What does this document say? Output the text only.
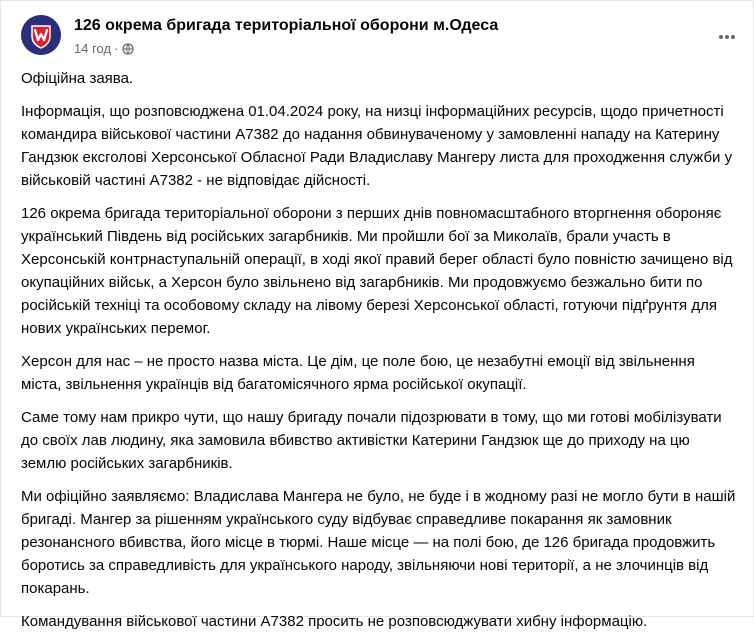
126 окрема бригада територіальної оборони м.Одеса
14 год ·

Офіційна заява.

Інформація, що розповсюджена 01.04.2024 року, на низці інформаційних ресурсів, щодо причетності командира військової частини А7382 до надання обвинуваченому у замовленні нападу на Катерину Гандзюк ексголові Херсонської Обласної Ради Владиславу Мангеру листа для проходження служби у військовій частині А7382 - не відповідає дійсності.

126 окрема бригада територіальної оборони з перших днів повномасштабного вторгнення обороняє український Південь від російських загарбників. Ми пройшли бої за Миколаїв, брали участь в Херсонській контрнаступальній операції, в ході якої правий берег області було повністю зачищено від окупаційних військ, а Херсон було звільнено від загарбників. Ми продовжуємо безжально бити по російській техніці та особовому складу на лівому березі Херсонської області, готуючи підґрунтя для нових українських перемог.

Херсон для нас – не просто назва міста. Це дім, це поле бою, це незабутні емоції від звільнення міста, звільнення українців від багатомісячного ярма російської окупації.

Саме тому нам прикро чути, що нашу бригаду почали підозрювати в тому, що ми готові мобілізувати до своїх лав людину, яка замовила вбивство активістки Катерини Гандзюк ще до приходу на цю землю російських загарбників.

Ми офіційно заявляємо: Владислава Мангера не було, не буде і в жодному разі не могло бути в нашій бригаді. Мангер за рішенням українського суду відбуває справедливе покарання як замовник резонансного вбивства, його місце в тюрмі. Наше місце — на полі бою, де 126 бригада продовжить боротись за справедливість для українського народу, звільняючи нові території, а не злочинців від покарань.

Командування військової частини А7382 просить не розповсюджувати хибну інформацію.
